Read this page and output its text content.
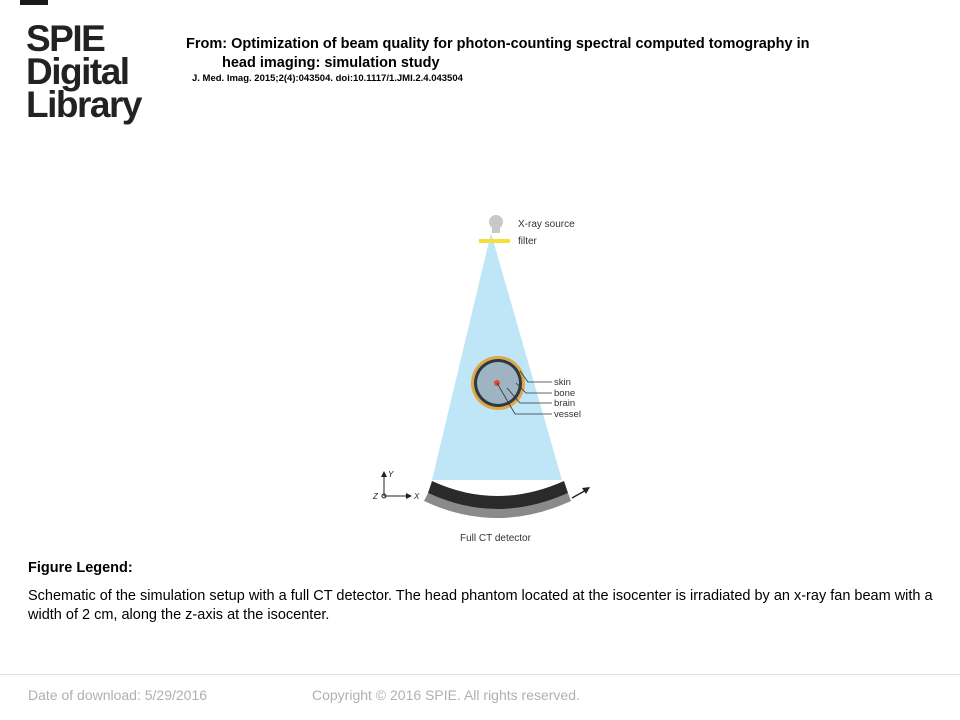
SPIE
Digital
Library
From: Optimization of beam quality for photon-counting spectral computed tomography in
head imaging: simulation study
J. Med. Imag. 2015;2(4):043504. doi:10.1117/1.JMI.2.4.043504
X-ray source
filter
skin
bone
brain
vessel
Full CT detector
Y
X
Z
Figure Legend:
Schematic of the simulation setup with a full CT detector. The head phantom located at the isocenter is irradiated by an x-ray fan beam with a width of 2 cm, along the z-axis at the isocenter.
Date of download: 5/29/2016	Copyright © 2016 SPIE. All rights reserved.
